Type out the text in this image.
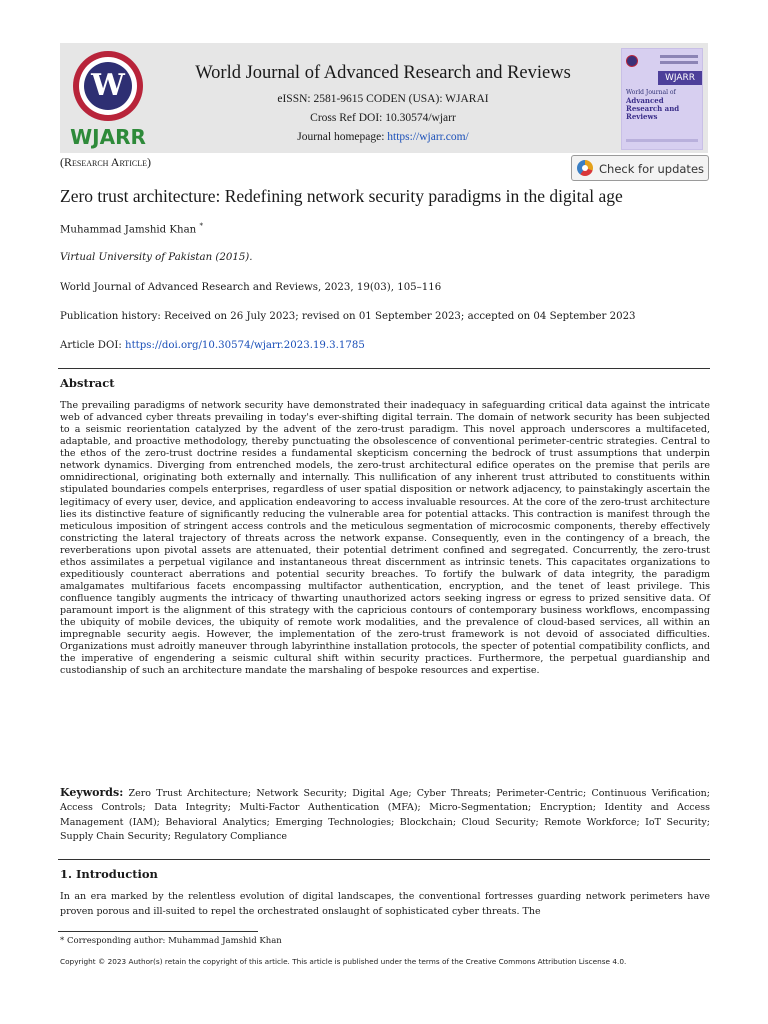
W
WJARR
World Journal of Advanced Research and Reviews
eISSN: 2581-9615 CODEN (USA): WJARAI
Cross Ref DOI: 10.30574/wjarr
Journal homepage: https://wjarr.com/
WJARR
World Journal of
Advanced Research and Reviews
(Research Article)	Check for updates
Zero trust architecture: Redefining network security paradigms in the digital age
Muhammad Jamshid Khan *
Virtual University of Pakistan (2015).
World Journal of Advanced Research and Reviews, 2023, 19(03), 105–116
Publication history: Received on 26 July 2023; revised on 01 September 2023; accepted on 04 September 2023
Article DOI: https://doi.org/10.30574/wjarr.2023.19.3.1785
Abstract
The prevailing paradigms of network security have demonstrated their inadequacy in safeguarding critical data against the intricate web of advanced cyber threats prevailing in today's ever-shifting digital terrain. The domain of network security has been subjected to a seismic reorientation catalyzed by the advent of the zero-trust paradigm. This novel approach underscores a multifaceted, adaptable, and proactive methodology, thereby punctuating the obsolescence of conventional perimeter-centric strategies. Central to the ethos of the zero-trust doctrine resides a fundamental skepticism concerning the bedrock of trust assumptions that underpin network dynamics. Diverging from entrenched models, the zero-trust architectural edifice operates on the premise that perils are omnidirectional, originating both externally and internally. This nullification of any inherent trust attributed to constituents within stipulated boundaries compels enterprises, regardless of user spatial disposition or network adjacency, to painstakingly ascertain the legitimacy of every user, device, and application endeavoring to access invaluable resources. At the core of the zero-trust architecture lies its distinctive feature of significantly reducing the vulnerable area for potential attacks. This contraction is manifest through the meticulous imposition of stringent access controls and the meticulous segmentation of microcosmic components, thereby effectively constricting the lateral trajectory of threats across the network expanse. Consequently, even in the contingency of a breach, the reverberations upon pivotal assets are attenuated, their potential detriment confined and segregated. Concurrently, the zero-trust ethos assimilates a perpetual vigilance and instantaneous threat discernment as intrinsic tenets. This capacitates organizations to expeditiously counteract aberrations and potential security breaches. To fortify the bulwark of data integrity, the paradigm amalgamates multifarious facets encompassing multifactor authentication, encryption, and the tenet of least privilege. This confluence tangibly augments the intricacy of thwarting unauthorized actors seeking ingress or egress to prized sensitive data. Of paramount import is the alignment of this strategy with the capricious contours of contemporary business workflows, encompassing the ubiquity of mobile devices, the ubiquity of remote work modalities, and the prevalence of cloud-based services, all within an impregnable security aegis. However, the implementation of the zero-trust framework is not devoid of associated difficulties. Organizations must adroitly maneuver through labyrinthine installation protocols, the specter of potential compatibility conflicts, and the imperative of engendering a seismic cultural shift within security practices. Furthermore, the perpetual guardianship and custodianship of such an architecture mandate the marshaling of bespoke resources and expertise.
Keywords: Zero Trust Architecture; Network Security; Digital Age; Cyber Threats; Perimeter-Centric; Continuous Verification; Access Controls; Data Integrity; Multi-Factor Authentication (MFA); Micro-Segmentation; Encryption; Identity and Access Management (IAM); Behavioral Analytics; Emerging Technologies; Blockchain; Cloud Security; Remote Workforce; IoT Security; Supply Chain Security; Regulatory Compliance
1. Introduction
In an era marked by the relentless evolution of digital landscapes, the conventional fortresses guarding network perimeters have proven porous and ill-suited to repel the orchestrated onslaught of sophisticated cyber threats. The
* Corresponding author: Muhammad Jamshid Khan
Copyright © 2023 Author(s) retain the copyright of this article. This article is published under the terms of the Creative Commons Attribution Liscense 4.0.
